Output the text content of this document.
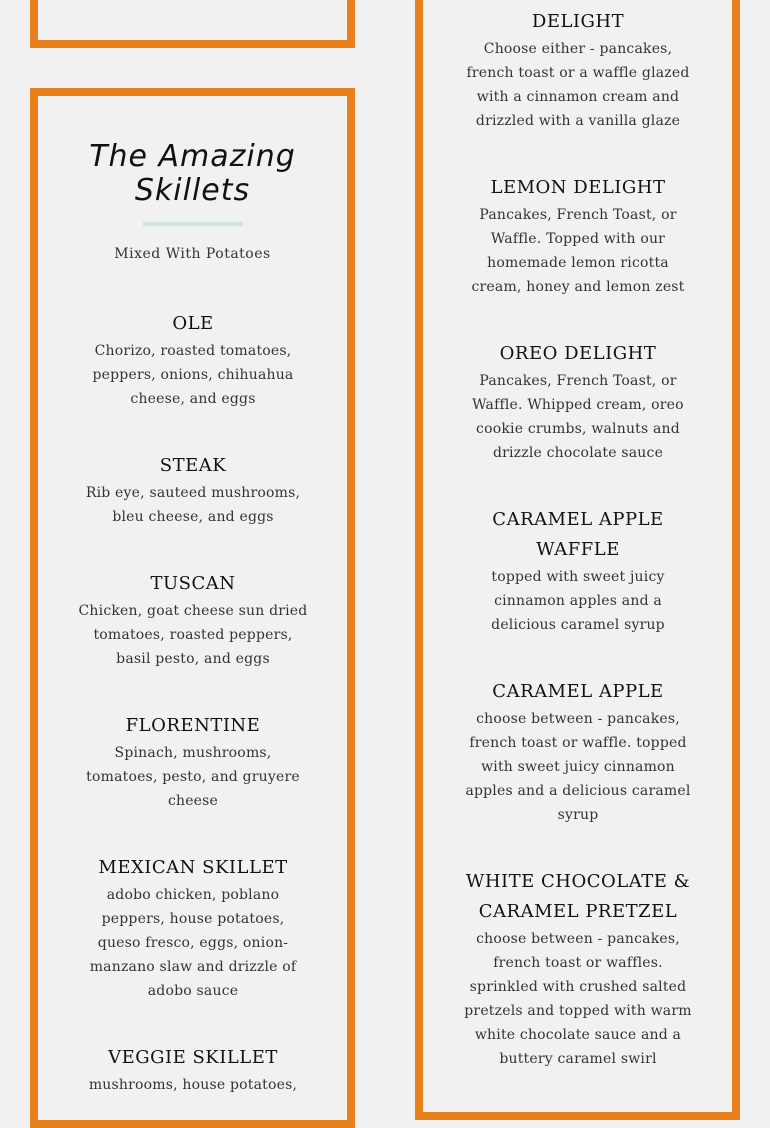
The Amazing
Skillets
Mixed With Potatoes
OLE
Chorizo, roasted tomatoes, peppers, onions, chihuahua cheese, and eggs
STEAK
Rib eye, sauteed mushrooms, bleu cheese, and eggs
TUSCAN
Chicken, goat cheese sun dried tomatoes, roasted peppers, basil pesto, and eggs
FLORENTINE
Spinach, mushrooms, tomatoes, pesto, and gruyere cheese
MEXICAN SKILLET
adobo chicken, poblano peppers, house potatoes, queso fresco, eggs, onion-manzano slaw and drizzle of adobo sauce
VEGGIE SKILLET
mushrooms, house potatoes,
DELIGHT
Choose either - pancakes, french toast or a waffle glazed with a cinnamon cream and drizzled with a vanilla glaze
LEMON DELIGHT
Pancakes, French Toast, or Waffle. Topped with our homemade lemon ricotta cream, honey and lemon zest
OREO DELIGHT
Pancakes, French Toast, or Waffle. Whipped cream, oreo cookie crumbs, walnuts and drizzle chocolate sauce
CARAMEL APPLE WAFFLE
topped with sweet juicy cinnamon apples and a delicious caramel syrup
CARAMEL APPLE
choose between - pancakes, french toast or waffle. topped with sweet juicy cinnamon apples and a delicious caramel syrup
WHITE CHOCOLATE & CARAMEL PRETZEL
choose between - pancakes, french toast or waffles. sprinkled with crushed salted pretzels and topped with warm white chocolate sauce and a buttery caramel swirl
